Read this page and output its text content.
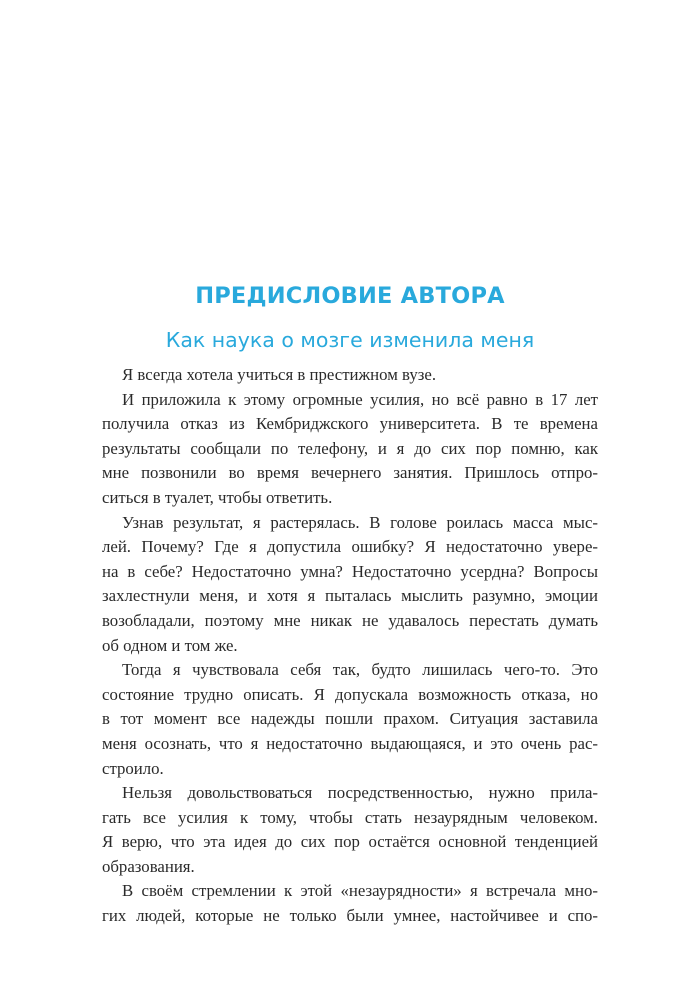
ПРЕДИСЛОВИЕ АВТОРА
Как наука о мозге изменила меня

Я всегда хотела учиться в престижном вузе.

И приложила к этому огромные усилия, но всё равно в 17 лет
получила отказ из Кембриджского университета. В те времена
результаты сообщали по телефону, и я до сих пор помню, как
мне позвонили во время вечернего занятия. Пришлось отпро-
ситься в туалет, чтобы ответить.

Узнав результат, я растерялась. В голове роилась масса мыс-
лей. Почему? Где я допустила ошибку? Я недостаточно увере-
на в себе? Недостаточно умна? Недостаточно усердна? Вопросы
захлестнули меня, и хотя я пыталась мыслить разумно, эмоции
возобладали, поэтому мне никак не удавалось перестать думать
об одном и том же.

Тогда я чувствовала себя так, будто лишилась чего-то. Это
состояние трудно описать. Я допускала возможность отказа, но
в тот момент все надежды пошли прахом. Ситуация заставила
меня осознать, что я недостаточно выдающаяся, и это очень рас-
строило.

Нельзя довольствоваться посредственностью, нужно прила-
гать все усилия к тому, чтобы стать незаурядным человеком.
Я верю, что эта идея до сих пор остаётся основной тенденцией
образования.

В своём стремлении к этой «незаурядности» я встречала мно-
гих людей, которые не только были умнее, настойчивее и спо-
